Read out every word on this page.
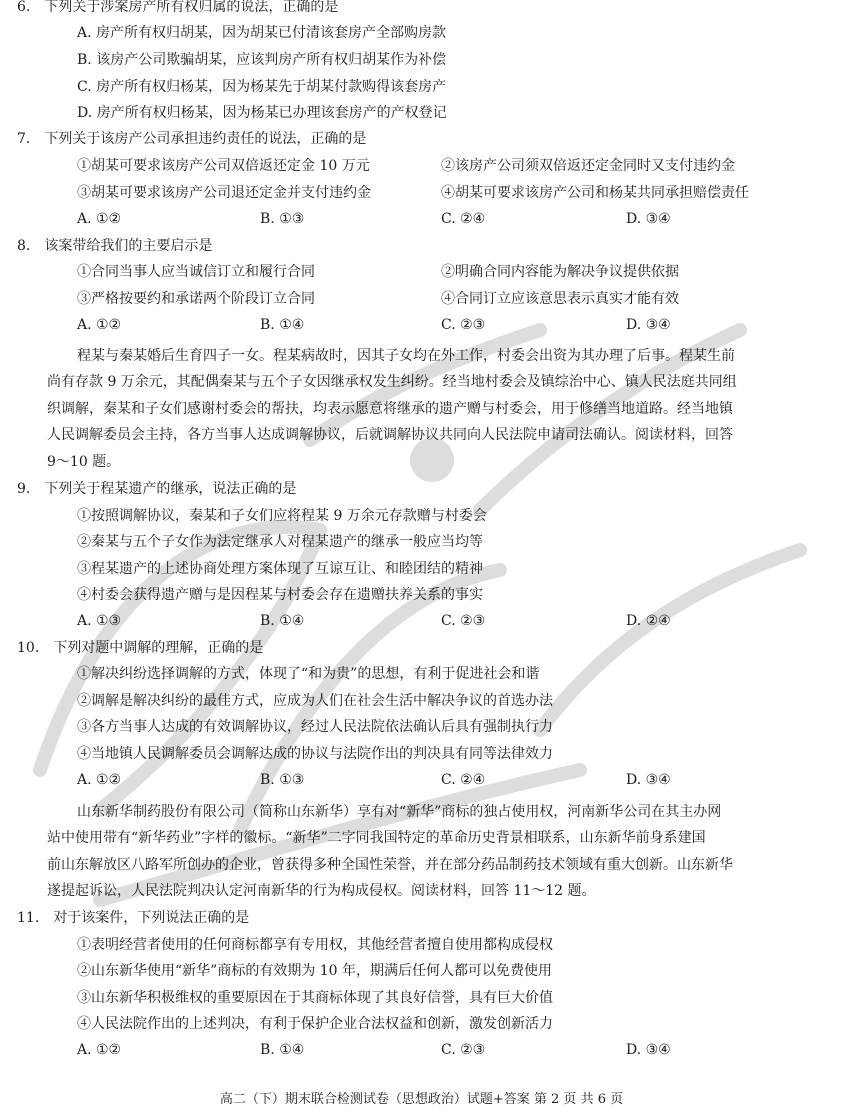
6.　下列关于涉案房产所有权归属的说法，正确的是
A. 房产所有权归胡某，因为胡某已付清该套房产全部购房款
B. 该房产公司欺骗胡某，应该判房产所有权归胡某作为补偿
C. 房产所有权归杨某，因为杨某先于胡某付款购得该套房产
D. 房产所有权归杨某，因为杨某已办理该套房产的产权登记
7.　下列关于该房产公司承担违约责任的说法，正确的是
①胡某可要求该房产公司双倍返还定金 10 万元	②该房产公司须双倍返还定金同时又支付违约金
③胡某可要求该房产公司退还定金并支付违约金	④胡某可要求该房产公司和杨某共同承担赔偿责任
A. ①②	B. ①③	C. ②④	D. ③④
8.　该案带给我们的主要启示是
①合同当事人应当诚信订立和履行合同	②明确合同内容能为解决争议提供依据
③严格按要约和承诺两个阶段订立合同	④合同订立应该意思表示真实才能有效
A. ①②	B. ①④	C. ②③	D. ③④
程某与秦某婚后生育四子一女。程某病故时，因其子女均在外工作，村委会出资为其办理了后事。程某生前
尚有存款 9 万余元，其配偶秦某与五个子女因继承权发生纠纷。经当地村委会及镇综治中心、镇人民法庭共同组
织调解，秦某和子女们感谢村委会的帮扶，均表示愿意将继承的遗产赠与村委会，用于修缮当地道路。经当地镇
人民调解委员会主持，各方当事人达成调解协议，后就调解协议共同向人民法院申请司法确认。阅读材料，回答
9～10 题。
9.　下列关于程某遗产的继承，说法正确的是
①按照调解协议，秦某和子女们应将程某 9 万余元存款赠与村委会
②秦某与五个子女作为法定继承人对程某遗产的继承一般应当均等
③程某遗产的上述协商处理方案体现了互谅互让、和睦团结的精神
④村委会获得遗产赠与是因程某与村委会存在遗赠扶养关系的事实
A. ①③	B. ①④	C. ②③	D. ②④
10.　下列对题中调解的理解，正确的是
①解决纠纷选择调解的方式，体现了“和为贵”的思想，有利于促进社会和谐
②调解是解决纠纷的最佳方式，应成为人们在社会生活中解决争议的首选办法
③各方当事人达成的有效调解协议，经过人民法院依法确认后具有强制执行力
④当地镇人民调解委员会调解达成的协议与法院作出的判决具有同等法律效力
A. ①②	B. ①③	C. ②④	D. ③④
山东新华制药股份有限公司（简称山东新华）享有对“新华”商标的独占使用权，河南新华公司在其主办网
站中使用带有“新华药业”字样的徽标。“新华”二字同我国特定的革命历史背景相联系，山东新华前身系建国
前山东解放区八路军所创办的企业，曾获得多种全国性荣誉，并在部分药品制药技术领域有重大创新。山东新华
遂提起诉讼，人民法院判决认定河南新华的行为构成侵权。阅读材料，回答 11～12 题。
11.　对于该案件，下列说法正确的是
①表明经营者使用的任何商标都享有专用权，其他经营者擅自使用都构成侵权
②山东新华使用“新华”商标的有效期为 10 年，期满后任何人都可以免费使用
③山东新华积极维权的重要原因在于其商标体现了其良好信誉，具有巨大价值
④人民法院作出的上述判决，有利于保护企业合法权益和创新，激发创新活力
A. ①②	B. ①④	C. ②③	D. ③④
高二（下）期末联合检测试卷（思想政治）试题+答案 第 2 页 共 6 页
